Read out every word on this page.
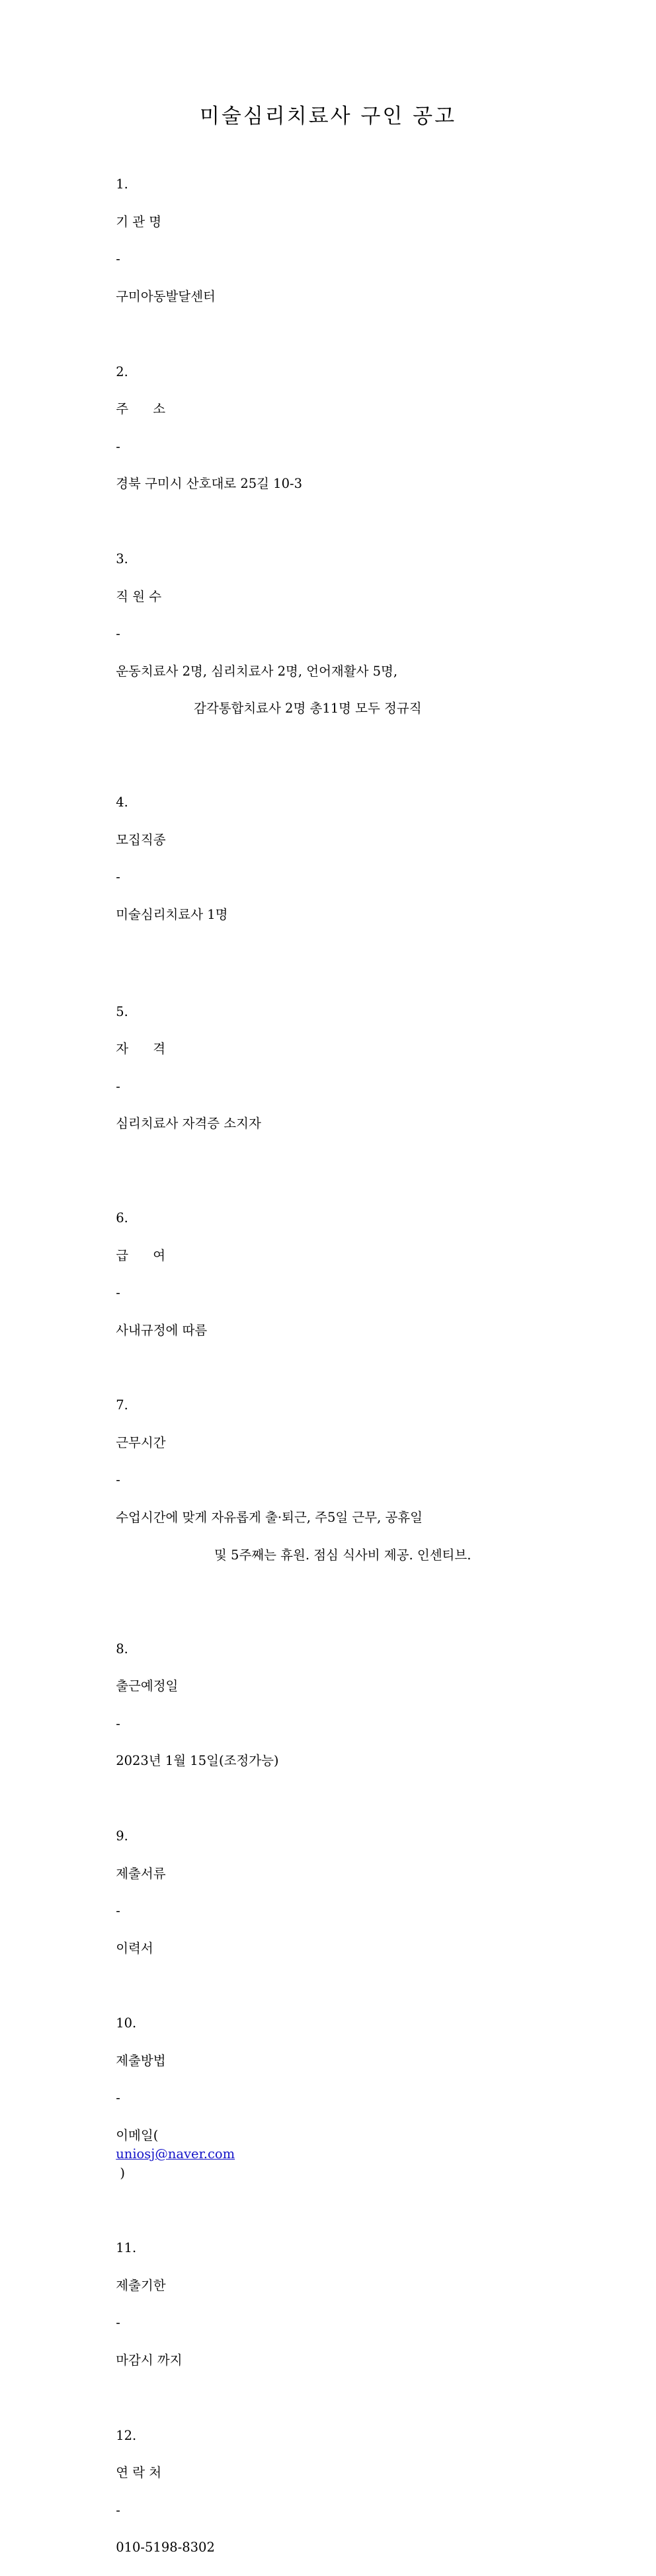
미술심리치료사 구인 공고

1.

기 관 명

-

구미아동발달센터

2.

주      소

-

경북 구미시 산호대로 25길 10-3

3.

직 원 수

-

운동치료사 2명, 심리치료사 2명, 언어재활사 5명,

감각통합치료사 2명 총11명 모두 정규직

4.

모집직종

-

미술심리치료사 1명

5.

자      격

-

심리치료사 자격증 소지자

6.

급      여

-

사내규정에 따름

7.

근무시간

-

수업시간에 맞게 자유롭게 출·퇴근, 주5일 근무, 공휴일

및 5주째는 휴원. 점심 식사비 제공. 인센티브.

8.

출근예정일

-

2023년 1월 15일(조정가능)

9.

제출서류

-

이력서

10.

제출방법

-

이메일(
uniosj@naver.com
)

11.

제출기한

-

마감시 까지

12.

연 락 처

-

010-5198-8302
